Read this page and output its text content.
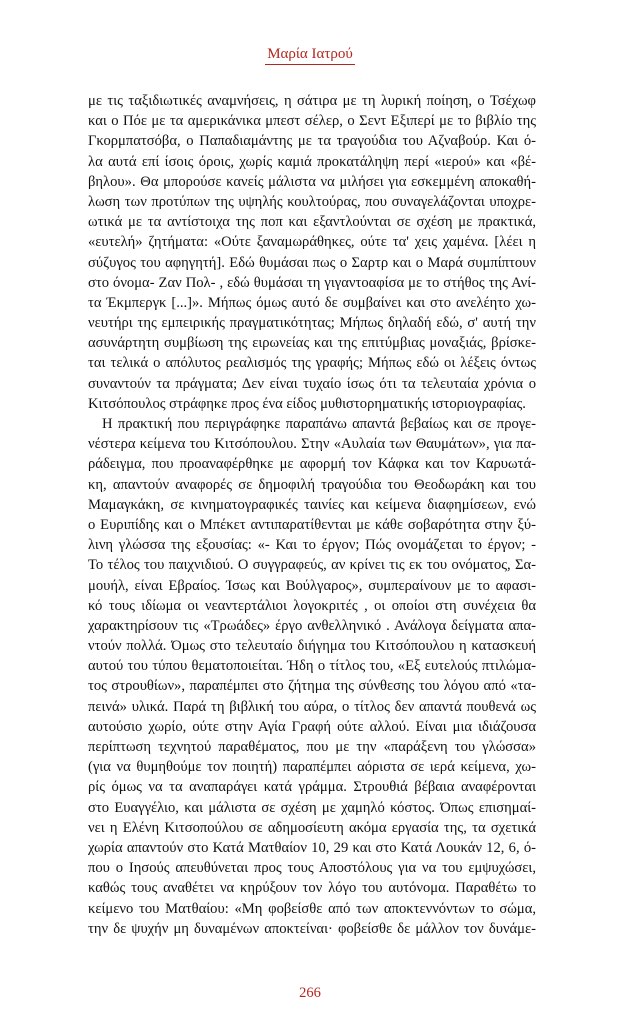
Μαρία Ιατρού
με τις ταξιδιωτικές αναμνήσεις, η σάτιρα με τη λυρική ποίηση, ο Τσέχωφ
και ο Πόε με τα αμερικάνικα μπεστ σέλερ, ο Σεντ Εξιπερί με το βιβλίο της
Γκορμπατσόβα, ο Παπαδιαμάντης με τα τραγούδια του Αζναβούρ. Και ό-
λα αυτά επί ίσοις όροις, χωρίς καμιά προκατάληψη περί «ιερού» και «βέ-
βηλου». Θα μπορούσε κανείς μάλιστα να μιλήσει για εσκεμμένη αποκαθή-
λωση των προτύπων της υψηλής κουλτούρας, που συναγελάζονται υποχρε-
ωτικά με τα αντίστοιχα της ποπ και εξαντλούνται σε σχέση με πρακτικά,
«ευτελή» ζητήματα: «Ούτε ξαναμωράθηκες, ούτε τα' χεις χαμένα. [λέει η
σύζυγος του αφηγητή]. Εδώ θυμάσαι πως ο Σαρτρ και ο Μαρά συμπίπτουν
στο όνομα- Ζαν Πολ- , εδώ θυμάσαι τη γιγαντοαφίσα με το στήθος της Ανί-
τα Έκμπεργκ [...]». Μήπως όμως αυτό δε συμβαίνει και στο ανελέητο χω-
νευτήρι της εμπειρικής πραγματικότητας; Μήπως δηλαδή εδώ, σ' αυτή την
ασυνάρτητη συμβίωση της ειρωνείας και της επιτύμβιας μοναξιάς, βρίσκε-
ται τελικά ο απόλυτος ρεαλισμός της γραφής; Μήπως εδώ οι λέξεις όντως
συναντούν τα πράγματα; Δεν είναι τυχαίο ίσως ότι τα τελευταία χρόνια ο
Κιτσόπουλος στράφηκε προς ένα είδος μυθιστορηματικής ιστοριογραφίας.
Η πρακτική που περιγράφηκε παραπάνω απαντά βεβαίως και σε προγε-
νέστερα κείμενα του Κιτσόπουλου. Στην «Αυλαία των Θαυμάτων», για πα-
ράδειγμα, που προαναφέρθηκε με αφορμή τον Κάφκα και τον Καρυωτά-
κη, απαντούν αναφορές σε δημοφιλή τραγούδια του Θεοδωράκη και του
Μαμαγκάκη, σε κινηματογραφικές ταινίες και κείμενα διαφημίσεων, ενώ
ο Ευριπίδης και ο Μπέκετ αντιπαρατίθενται με κάθε σοβαρότητα στην ξύ-
λινη γλώσσα της εξουσίας: «- Και το έργον; Πώς ονομάζεται το έργον; -
Το τέλος του παιχνιδιού. Ο συγγραφεύς, αν κρίνει τις εκ του ονόματος, Σα-
μουήλ, είναι Εβραίος. Ίσως και Βούλγαρος», συμπεραίνουν με το αφασι-
κό τους ιδίωμα οι νεαντερτάλιοι λογοκριτές , οι οποίοι στη συνέχεια θα
χαρακτηρίσουν τις «Τρωάδες» έργο ανθελληνικό . Ανάλογα δείγματα απα-
ντούν πολλά. Όμως στο τελευταίο διήγημα του Κιτσόπουλου η κατασκευή
αυτού του τύπου θεματοποιείται. Ήδη ο τίτλος του, «Εξ ευτελούς πτιλώμα-
τος στρουθίων», παραπέμπει στο ζήτημα της σύνθεσης του λόγου από «τα-
πεινά» υλικά. Παρά τη βιβλική του αύρα, ο τίτλος δεν απαντά πουθενά ως
αυτούσιο χωρίο, ούτε στην Αγία Γραφή ούτε αλλού. Είναι μια ιδιάζουσα
περίπτωση τεχνητού παραθέματος, που με την «παράξενη του γλώσσα»
(για να θυμηθούμε τον ποιητή) παραπέμπει αόριστα σε ιερά κείμενα, χω-
ρίς όμως να τα αναπαράγει κατά γράμμα. Στρουθιά βέβαια αναφέρονται
στο Ευαγγέλιο, και μάλιστα σε σχέση με χαμηλό κόστος. Όπως επισημαί-
νει η Ελένη Κιτσοπούλου σε αδημοσίευτη ακόμα εργασία της, τα σχετικά
χωρία απαντούν στο Κατά Ματθαίον 10, 29 και στο Κατά Λουκάν 12, 6, ό-
που ο Ιησούς απευθύνεται προς τους Αποστόλους για να του εμψυχώσει,
καθώς τους αναθέτει να κηρύξουν τον λόγο του αυτόνομα. Παραθέτω το
κείμενο του Ματθαίου: «Μη φοβείσθε από των αποκτεννόντων το σώμα,
την δε ψυχήν μη δυναμένων αποκτείναι· φοβείσθε δε μάλλον τον δυνάμε-
266
